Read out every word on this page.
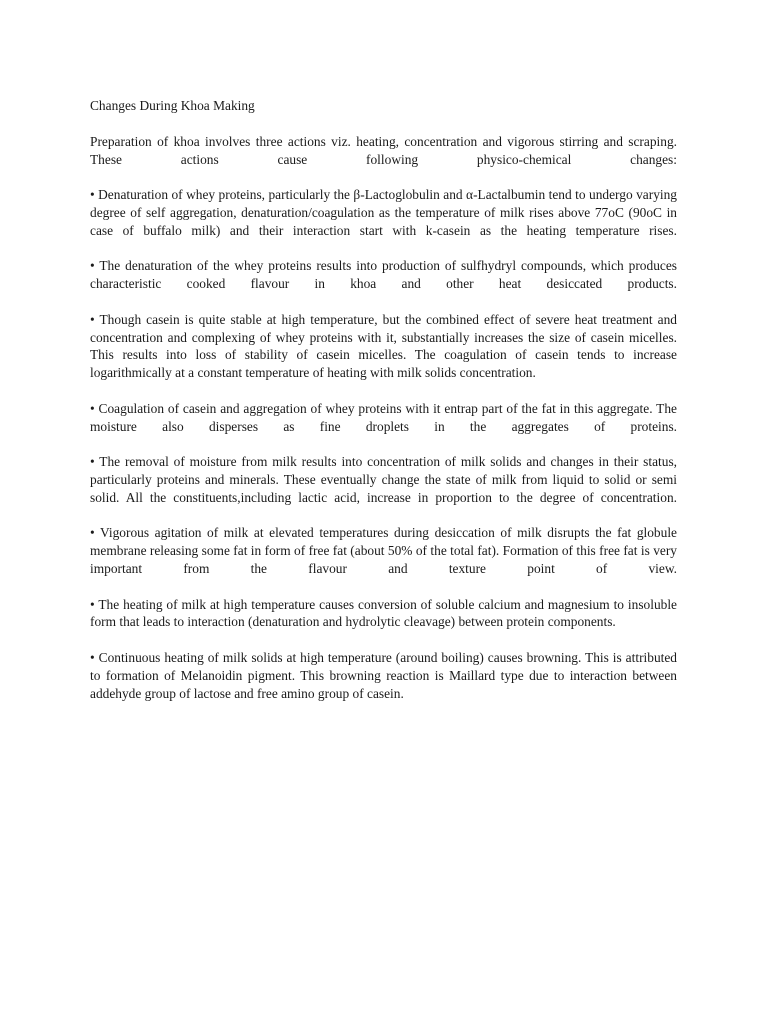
Changes During Khoa Making

Preparation of khoa involves three actions viz. heating, concentration and vigorous stirring and scraping. These actions cause following physico-chemical changes:

• Denaturation of whey proteins, particularly the β-Lactoglobulin and α-Lactalbumin tend to undergo varying degree of self aggregation, denaturation/coagulation as the temperature of milk rises above 77oC (90oC in case of buffalo milk) and their interaction start with k-casein as the heating temperature rises.

• The denaturation of the whey proteins results into production of sulfhydryl compounds, which produces characteristic cooked flavour in khoa and other heat desiccated products.

• Though casein is quite stable at high temperature, but the combined effect of severe heat treatment and concentration and complexing of whey proteins with it, substantially increases the size of casein micelles. This results into loss of stability of casein micelles. The coagulation of casein tends to increase logarithmically at a constant temperature of heating with milk solids concentration.

• Coagulation of casein and aggregation of whey proteins with it entrap part of the fat in this aggregate. The moisture also disperses as fine droplets in the aggregates of proteins.

• The removal of moisture from milk results into concentration of milk solids and changes in their status, particularly proteins and minerals. These eventually change the state of milk from liquid to solid or semi solid. All the constituents,including lactic acid, increase in proportion to the degree of concentration.

• Vigorous agitation of milk at elevated temperatures during desiccation of milk disrupts the fat globule membrane releasing some fat in form of free fat (about 50% of the total fat). Formation of this free fat is very important from the flavour and texture point of view.

• The heating of milk at high temperature causes conversion of soluble calcium and magnesium to insoluble form that leads to interaction (denaturation and hydrolytic cleavage) between protein components.

• Continuous heating of milk solids at high temperature (around boiling) causes browning. This is attributed to formation of Melanoidin pigment. This browning reaction is Maillard type due to interaction between addehyde group of lactose and free amino group of casein.
